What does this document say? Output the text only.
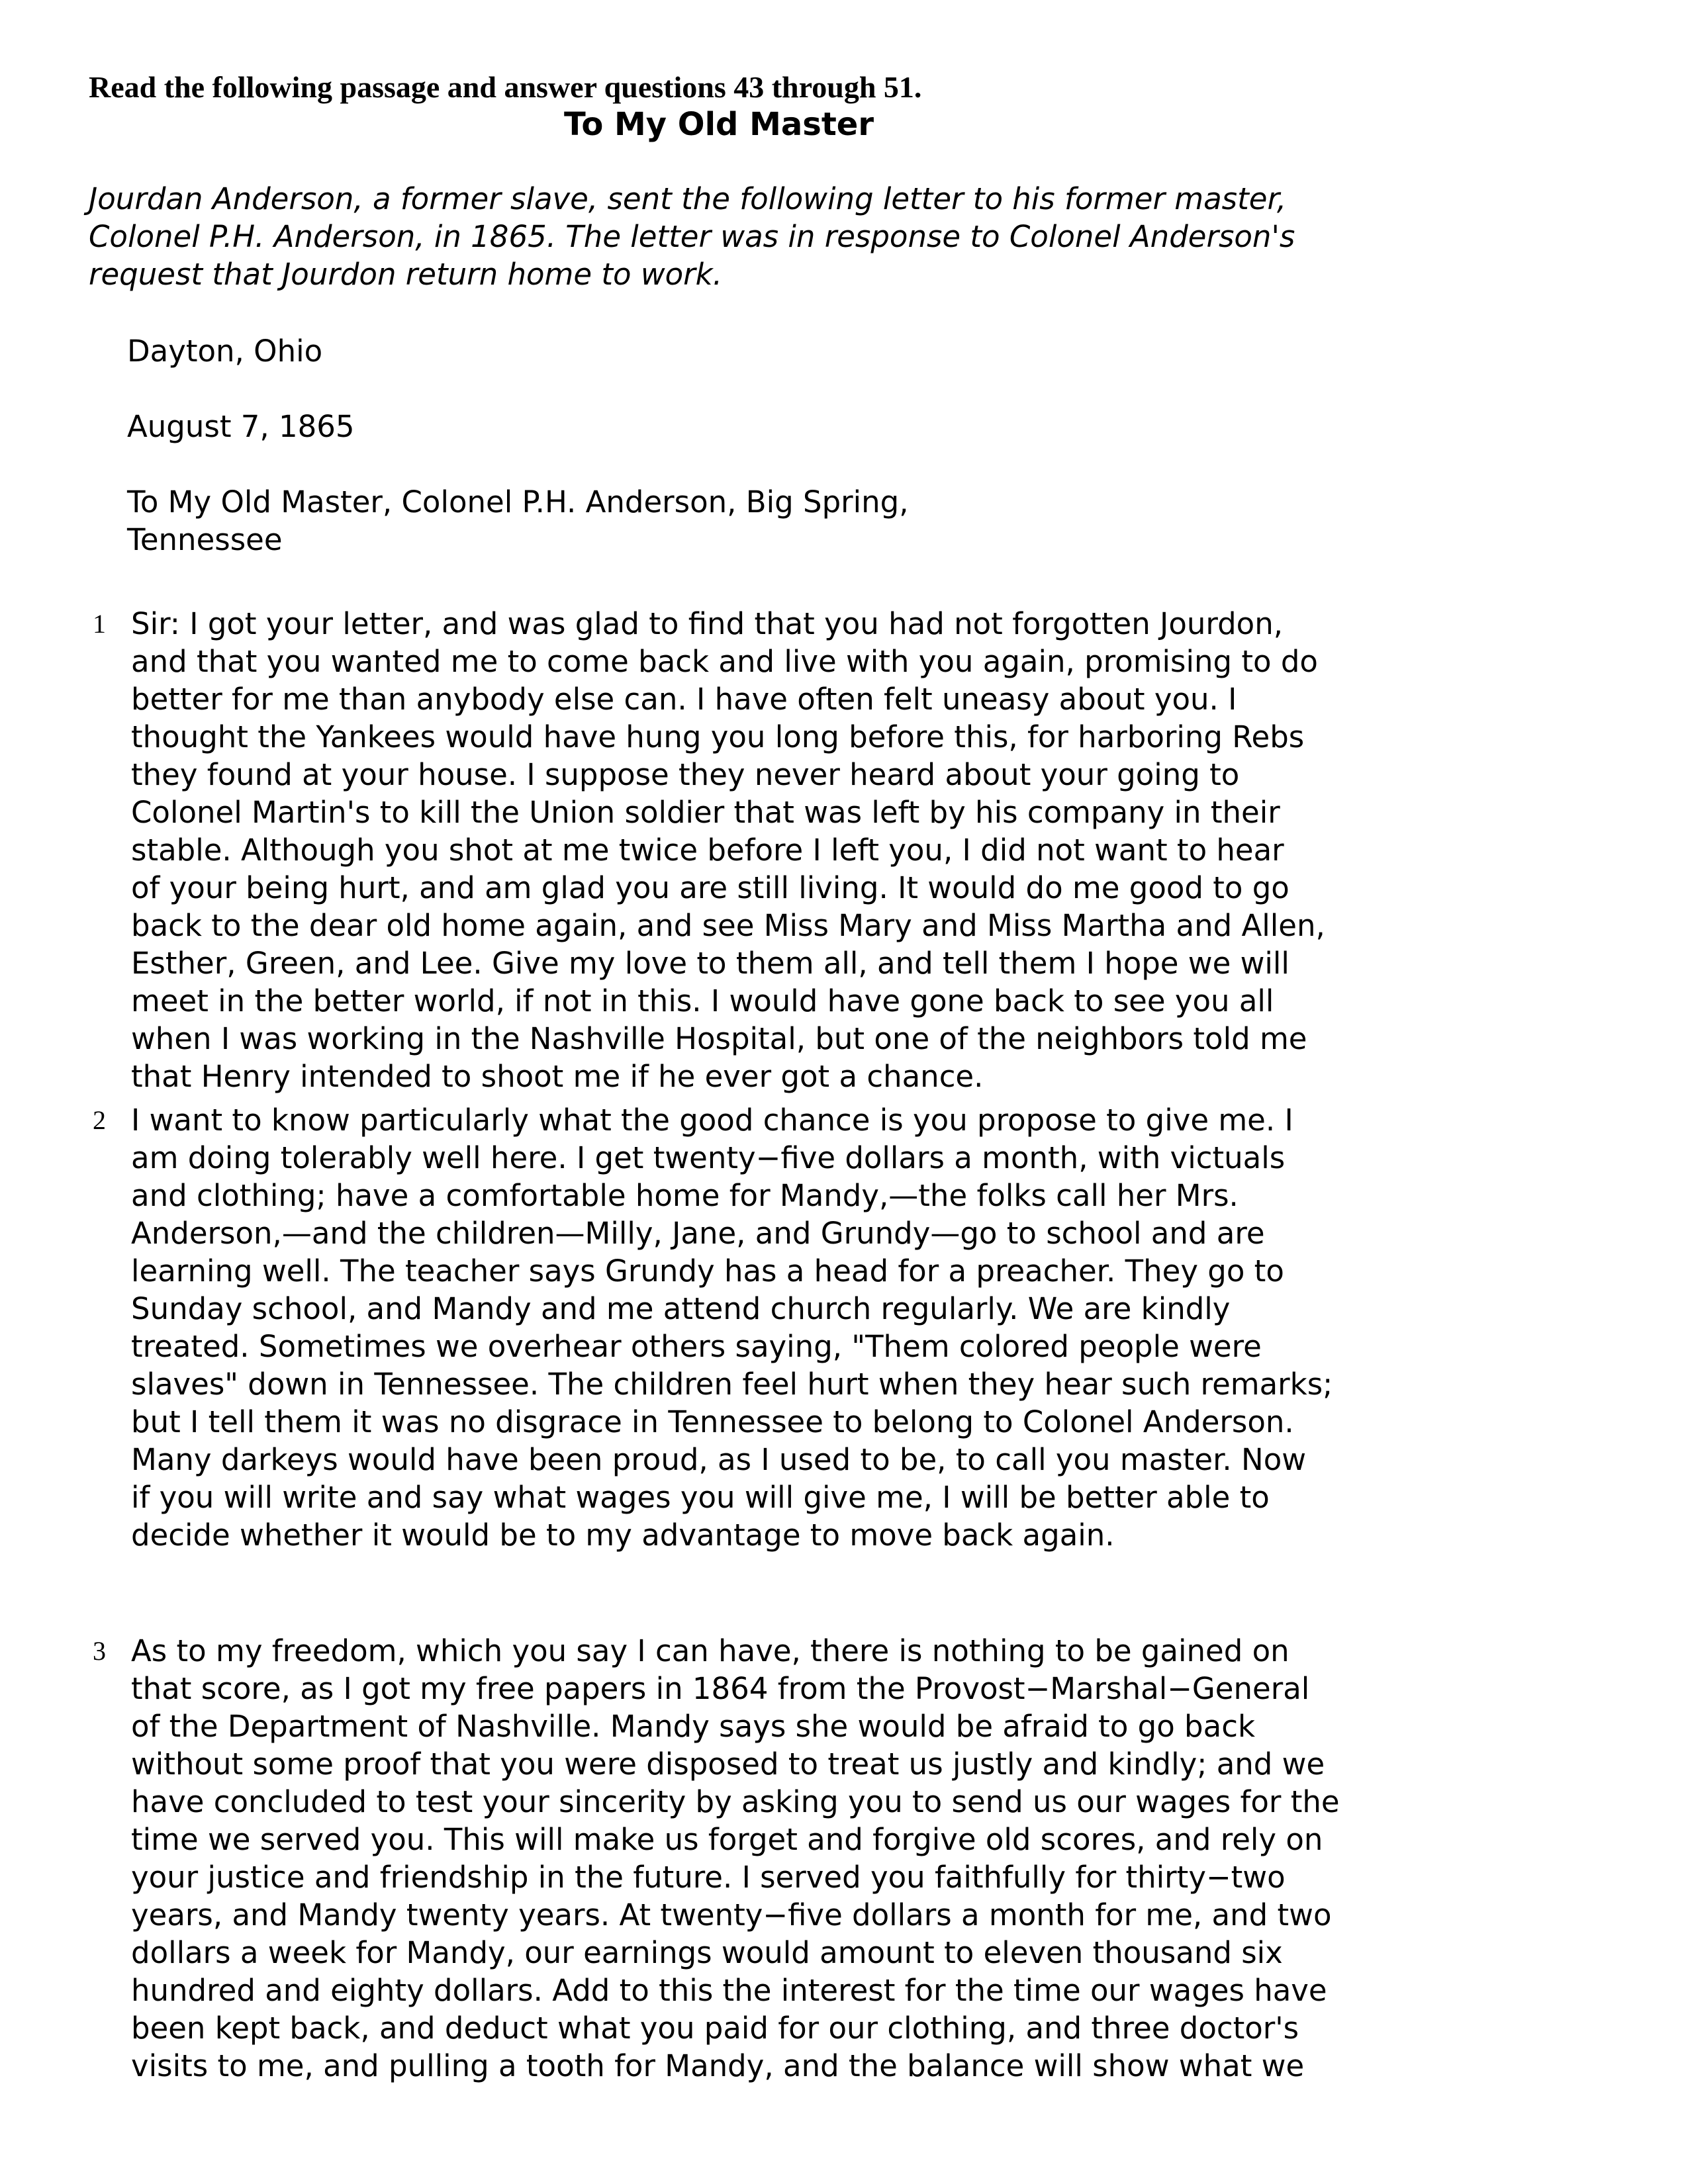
Read the following passage and answer questions 43 through 51.
To My Old Master
Jourdan Anderson, a former slave, sent the following letter to his former master,
Colonel P.H. Anderson, in 1865. The letter was in response to Colonel Anderson's
request that Jourdon return home to work.
Dayton, Ohio
August 7, 1865
To My Old Master, Colonel P.H. Anderson, Big Spring,
Tennessee
1 Sir: I got your letter, and was glad to find that you had not forgotten Jourdon,
and that you wanted me to come back and live with you again, promising to do
better for me than anybody else can. I have often felt uneasy about you. I
thought the Yankees would have hung you long before this, for harboring Rebs
they found at your house. I suppose they never heard about your going to
Colonel Martin's to kill the Union soldier that was left by his company in their
stable. Although you shot at me twice before I left you, I did not want to hear
of your being hurt, and am glad you are still living. It would do me good to go
back to the dear old home again, and see Miss Mary and Miss Martha and Allen,
Esther, Green, and Lee. Give my love to them all, and tell them I hope we will
meet in the better world, if not in this. I would have gone back to see you all
when I was working in the Nashville Hospital, but one of the neighbors told me
that Henry intended to shoot me if he ever got a chance.
2 I want to know particularly what the good chance is you propose to give me. I
am doing tolerably well here. I get twenty−five dollars a month, with victuals
and clothing; have a comfortable home for Mandy,—the folks call her Mrs.
Anderson,—and the children—Milly, Jane, and Grundy—go to school and are
learning well. The teacher says Grundy has a head for a preacher. They go to
Sunday school, and Mandy and me attend church regularly. We are kindly
treated. Sometimes we overhear others saying, "Them colored people were
slaves" down in Tennessee. The children feel hurt when they hear such remarks;
but I tell them it was no disgrace in Tennessee to belong to Colonel Anderson.
Many darkeys would have been proud, as I used to be, to call you master. Now
if you will write and say what wages you will give me, I will be better able to
decide whether it would be to my advantage to move back again.
3 As to my freedom, which you say I can have, there is nothing to be gained on
that score, as I got my free papers in 1864 from the Provost−Marshal−General
of the Department of Nashville. Mandy says she would be afraid to go back
without some proof that you were disposed to treat us justly and kindly; and we
have concluded to test your sincerity by asking you to send us our wages for the
time we served you. This will make us forget and forgive old scores, and rely on
your justice and friendship in the future. I served you faithfully for thirty−two
years, and Mandy twenty years. At twenty−five dollars a month for me, and two
dollars a week for Mandy, our earnings would amount to eleven thousand six
hundred and eighty dollars. Add to this the interest for the time our wages have
been kept back, and deduct what you paid for our clothing, and three doctor's
visits to me, and pulling a tooth for Mandy, and the balance will show what we
